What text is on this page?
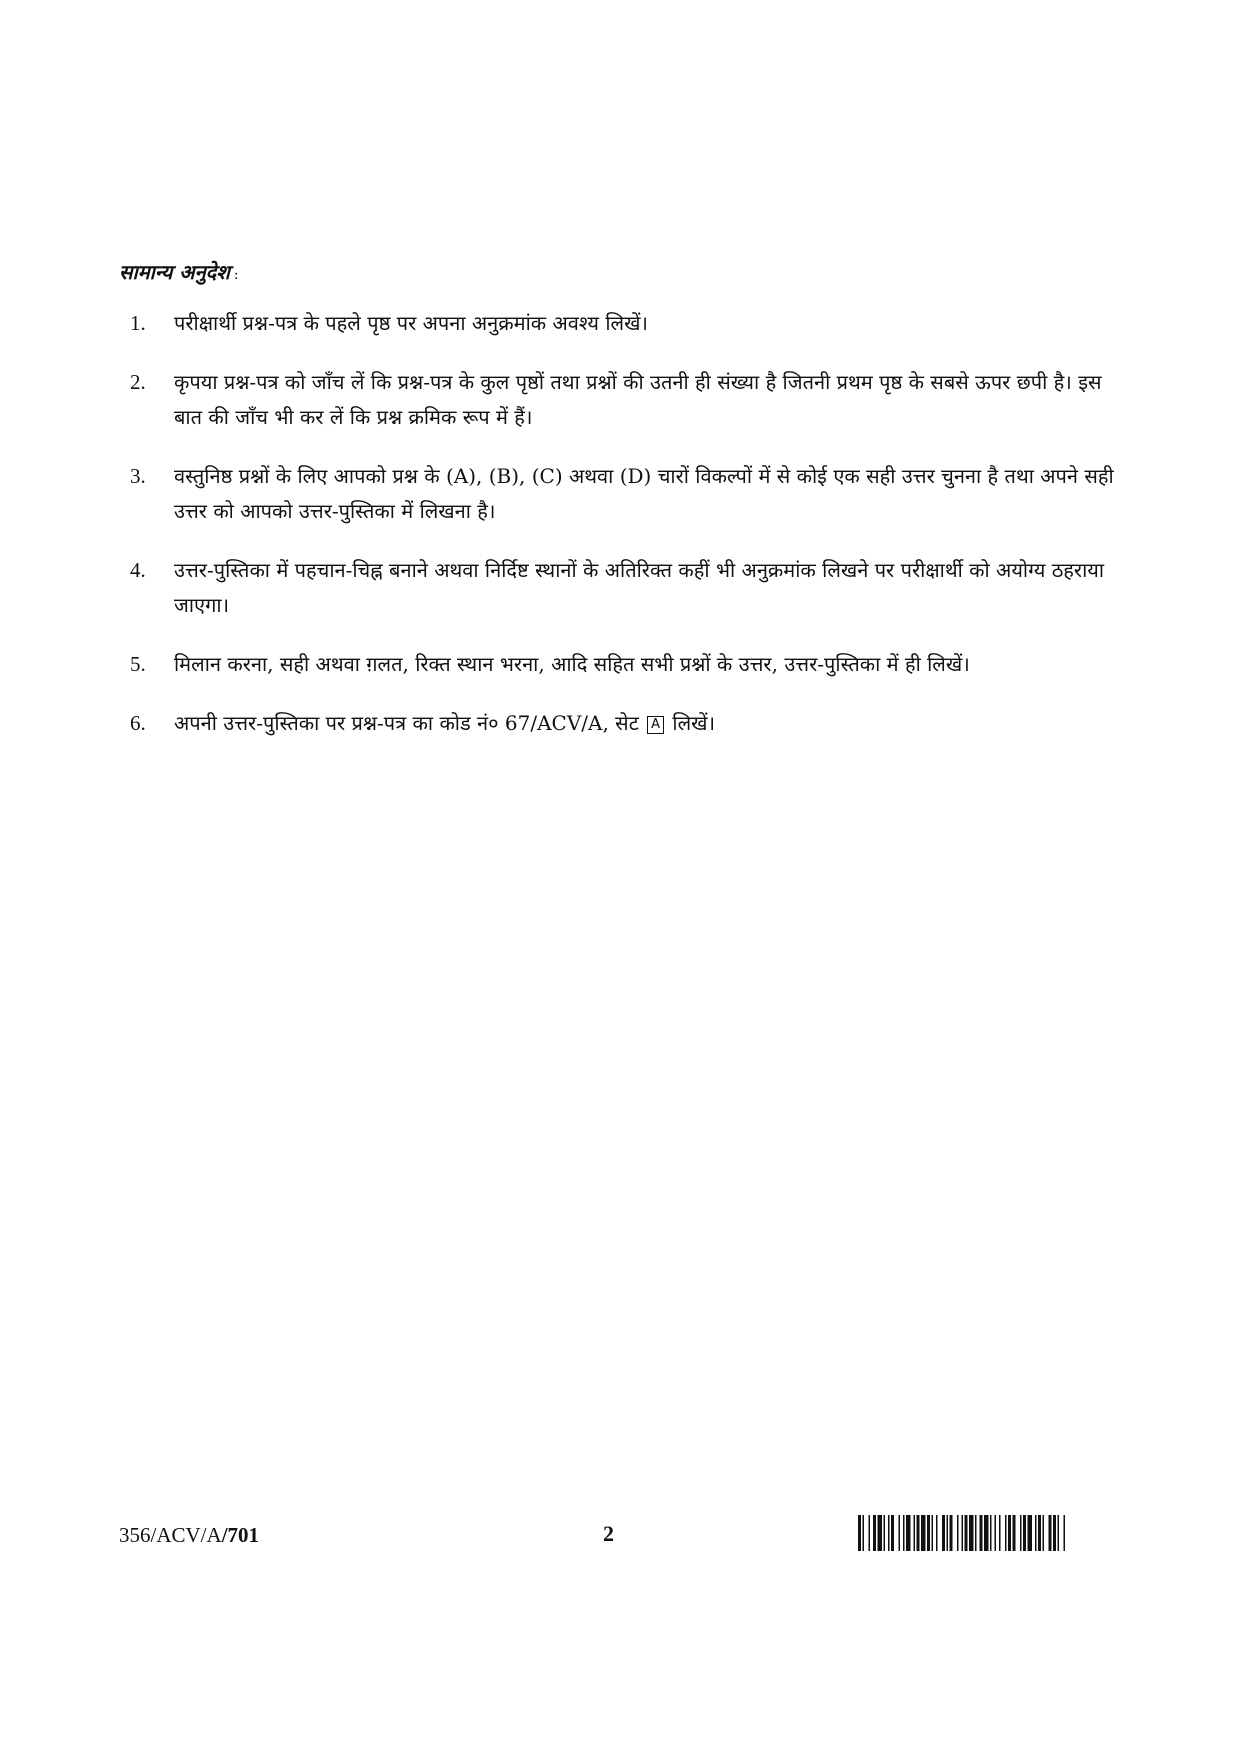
सामान्य अनुदेश :
1.	परीक्षार्थी प्रश्न-पत्र के पहले पृष्ठ पर अपना अनुक्रमांक अवश्य लिखें।
2.	कृपया प्रश्न-पत्र को जाँच लें कि प्रश्न-पत्र के कुल पृष्ठों तथा प्रश्नों की उतनी ही संख्या है जितनी प्रथम पृष्ठ के सबसे ऊपर छपी है। इस बात की जाँच भी कर लें कि प्रश्न क्रमिक रूप में हैं।
3.	वस्तुनिष्ठ प्रश्नों के लिए आपको प्रश्न के (A), (B), (C) अथवा (D) चारों विकल्पों में से कोई एक सही उत्तर चुनना है तथा अपने सही उत्तर को आपको उत्तर-पुस्तिका में लिखना है।
4.	उत्तर-पुस्तिका में पहचान-चिह्न बनाने अथवा निर्दिष्ट स्थानों के अतिरिक्त कहीं भी अनुक्रमांक लिखने पर परीक्षार्थी को अयोग्य ठहराया जाएगा।
5.	मिलान करना, सही अथवा ग़लत, रिक्त स्थान भरना, आदि सहित सभी प्रश्नों के उत्तर, उत्तर-पुस्तिका में ही लिखें।
6.	अपनी उत्तर-पुस्तिका पर प्रश्न-पत्र का कोड नं० 67/ACV/A, सेट A लिखें।
356/ACV/A/701	2
